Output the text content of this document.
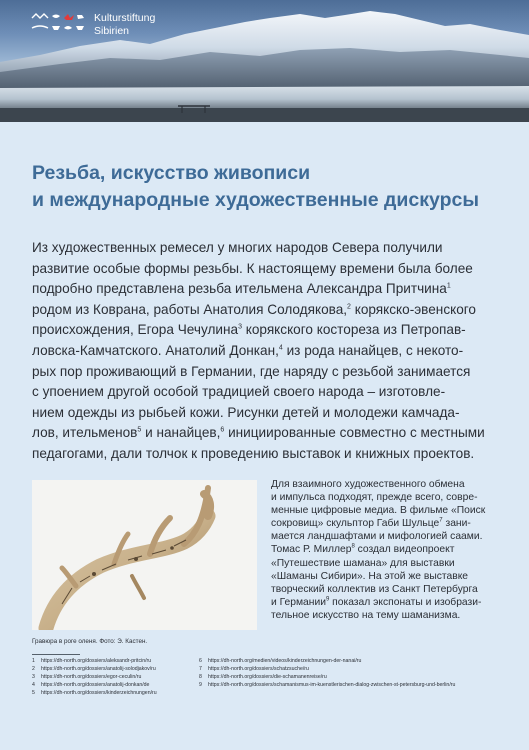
Kulturstiftung
Sibirien
Резьба, искусство живописи
и международные художественные дискурсы
Из художественных ремесел у многих народов Севера получили
развитие особые формы резьбы. К настоящему времени была более
подробно представлена резьба ительмена Александра Притчина$^1$
родом из Коврана, работы Анатолия Солодякова,$^2$ корякско-эвенского
происхождения, Егора Чечулина$^3$ корякского костореза из Петропав-
ловска-Камчатского. Анатолий Донкан,$^4$ из рода нанайцев, с некото-
рых пор проживающий в Германии, где наряду с резьбой занимается
с упоением другой особой традицией своего народа – изготовле-
нием одежды из рыбьей кожи. Рисунки детей и молодежи камчада-
лов, ительменов$^5$ и нанайцев,$^6$ инициированные совместно с местными
педагогами, дали толчок к проведению выставок и книжных проектов.
Гравюра в роге оленя. Фото: Э. Кастен.
Для взаимного художественного обмена
и импульса подходят, прежде всего, совре-
менные цифровые медиа. В фильме «Поиск
сокровищ» скульптор Габи Шульце$^7$ зани-
мается ландшафтами и мифологией саами.
Томас Р. Миллер$^8$ создал видеопроект
«Путешествие шамана» для выставки
«Шаманы Сибири». На этой же выставке
творческий коллектив из Санкт Петербурга
и Германии$^9$ показал экспонаты и изобрази-
тельное искусство на тему шаманизма.
1 https://dh-north.org/dossiers/aleksandr-pritcin/ru
2 https://dh-north.org/dossiers/anatolij-solodjakov/ru
3 https://dh-north.org/dossiers/egor-ceculin/ru
4 https://dh-north.org/dossiers/anatolij-donkan/de
5 https://dh-north.org/dossiers/kinderzeichnungen/ru
6 https://dh-north.org/medien/videos/kinderzeichnungen-der-nanai/ru
7 https://dh-north.org/dossiers/schatzsuche/ru
8 https://dh-north.org/dossiers/die-schamanenreise/ru
9 https://dh-north.org/dossiers/schamanismus-im-kuenstlerischen-dialog-zwischen-st-petersburg-und-berlin/ru
